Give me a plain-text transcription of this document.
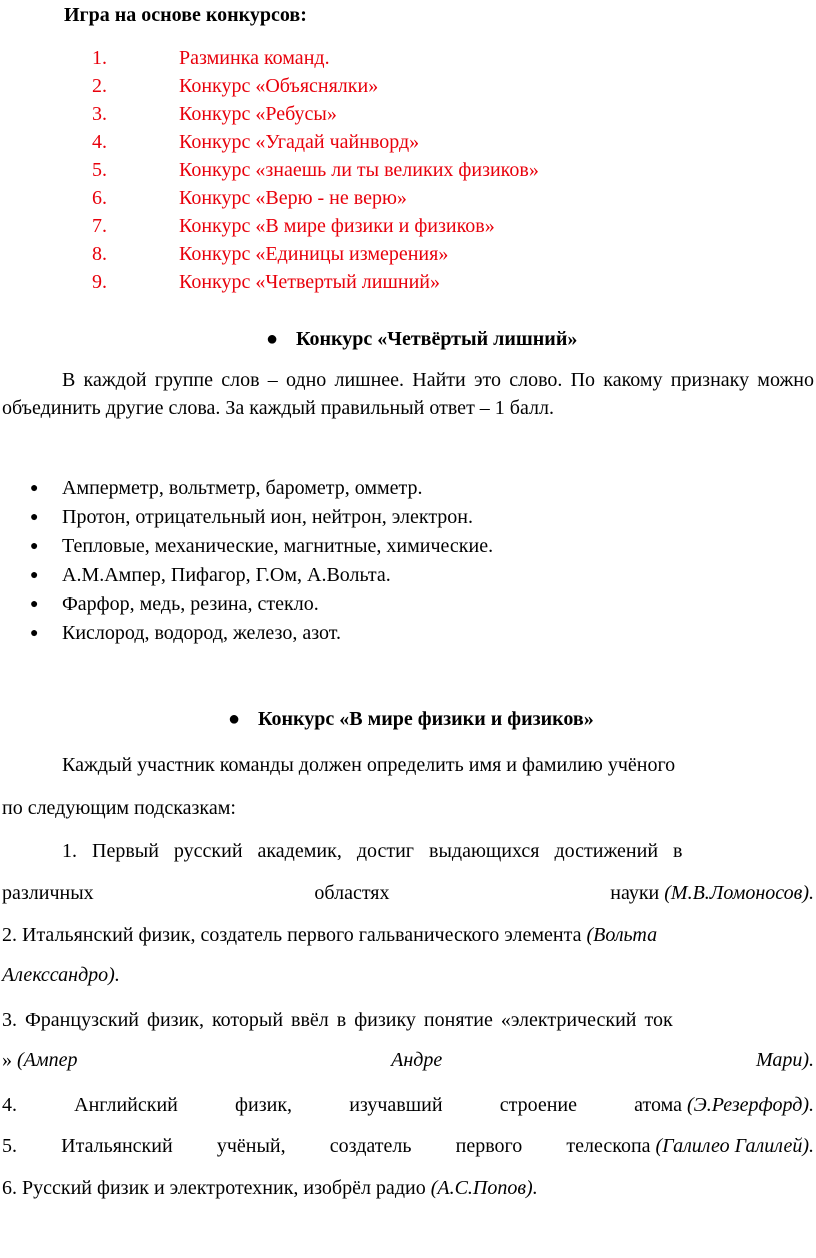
Игра на основе конкурсов:
1.	Разминка команд.
2.	Конкурс «Объяснялки»
3.	Конкурс «Ребусы»
4.	Конкурс «Угадай чайнворд»
5.	Конкурс «знаешь ли ты великих физиков»
6.	Конкурс «Верю - не верю»
7.	Конкурс «В мире физики и физиков»
8.	Конкурс «Единицы измерения»
9.	Конкурс «Четвертый лишний»
● Конкурс «Четвёртый лишний»

В каждой группе слов – одно лишнее. Найти это слово. По какому признаку можно объединить другие слова. За каждый правильный ответ – 1 балл.

● Амперметр, вольтметр, барометр, омметр.
● Протон, отрицательный ион, нейтрон, электрон.
● Тепловые, механические, магнитные, химические.
● А.М.Ампер, Пифагор, Г.Ом, А.Вольта.
● Фарфор, медь, резина, стекло.
● Кислород, водород, железо, азот.
● Конкурс «В мире физики и физиков»
Каждый участник команды должен определить имя и фамилию учёного
по следующим подсказкам:
1. Первый русский академик, достиг выдающихся достижений в
различных	областях	науки (М.В.Ломоносов).
2. Итальянский физик, создатель первого гальванического элемента (Вольта
Алекссандро).
3. Французский физик, который ввёл в физику понятие «электрический ток
» (Ампер	Андре	Мари).
4.	Английский	физик,	изучавший	строение	атома (Э.Резерфорд).
5. Итальянский учёный, создатель первого телескопа (Галилео Галилей).
6. Русский физик и электротехник, изобрёл радио (А.С.Попов).
